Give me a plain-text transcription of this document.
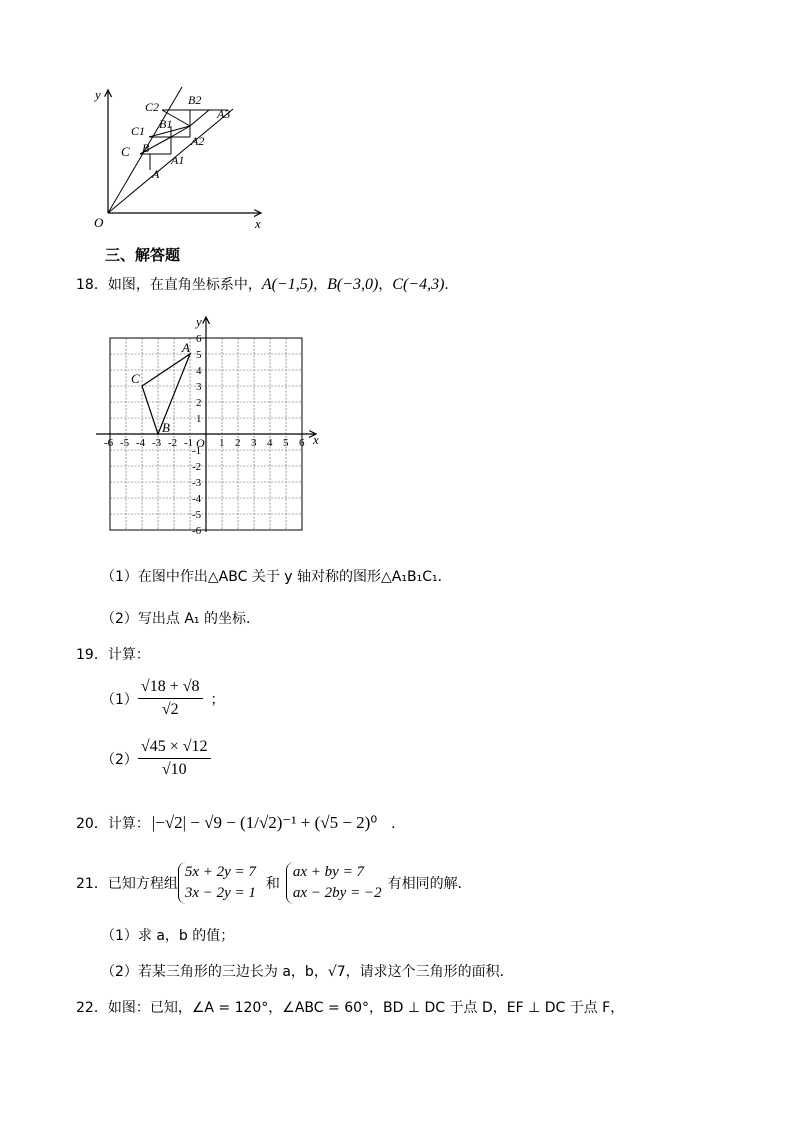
y
x
O
C2 B2
A3
C1 B1
A2
C B
A1
A
三、解答题
18．如图，在直角坐标系中，A(−1,5)，B(−3,0)，C(−4,3)．
-6 -5 -4 -3 -2 -1 1 2 3 4 5 6
6
5
4
3
2
1
-1
-2
-3
-4
-5
-6
O	x
y
A
B
C
（1）在图中作出△ABC 关于 y 轴对称的图形△A₁B₁C₁．
（2）写出点 A₁ 的坐标．
19．计算：
$(1) \frac{√18 + √8}{√2}$ ；
$(2) \frac{√45 \times √12}{√10}$
20． 计算： |−√2| − √9 − (1/√2)⁻¹ + (√5 − 2)⁰ ．
21． 已知方程组
5x + 2y = 7
3x − 2y = 1
和
ax + by = 7
ax − 2by = −2
有相同的解．
（1）求 a，b 的值；
（2）若某三角形的三边长为 a，b，√7，请求这个三角形的面积．
22．如图：已知，∠A = 120°，∠ABC = 60°，BD ⊥ DC 于点 D，EF ⊥ DC 于点 F，
